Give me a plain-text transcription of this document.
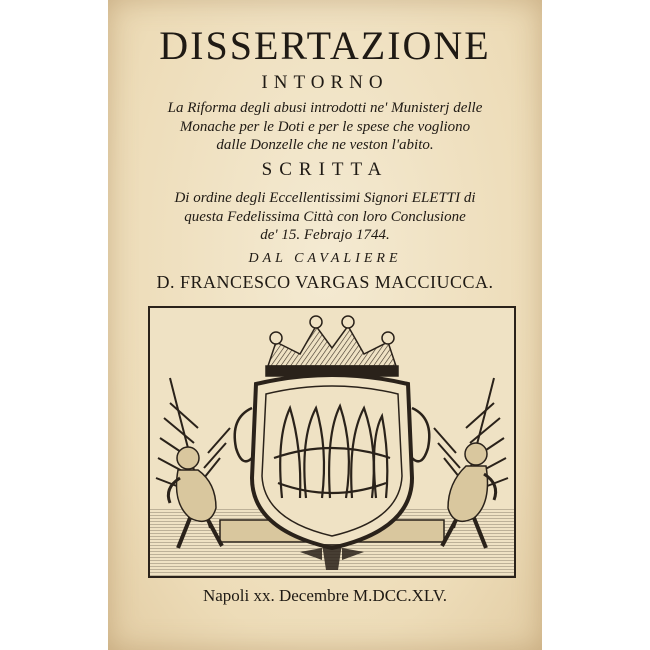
DISSERTAZIONE
INTORNO
La Riforma degli abusi introdotti ne' Munisterj delle
Monache per le Doti e per le spese che vogliono
dalle Donzelle che ne veston l'abito.
SCRITTA
Di ordine degli Eccellentissimi Signori ELETTI di
questa Fedelissima Città con loro Conclusione
de' 15. Febrajo 1744.
DAL CAVALIERE
D. FRANCESCO VARGAS MACCIUCCA.
Napoli xx. Decembre M.DCC.XLV.
